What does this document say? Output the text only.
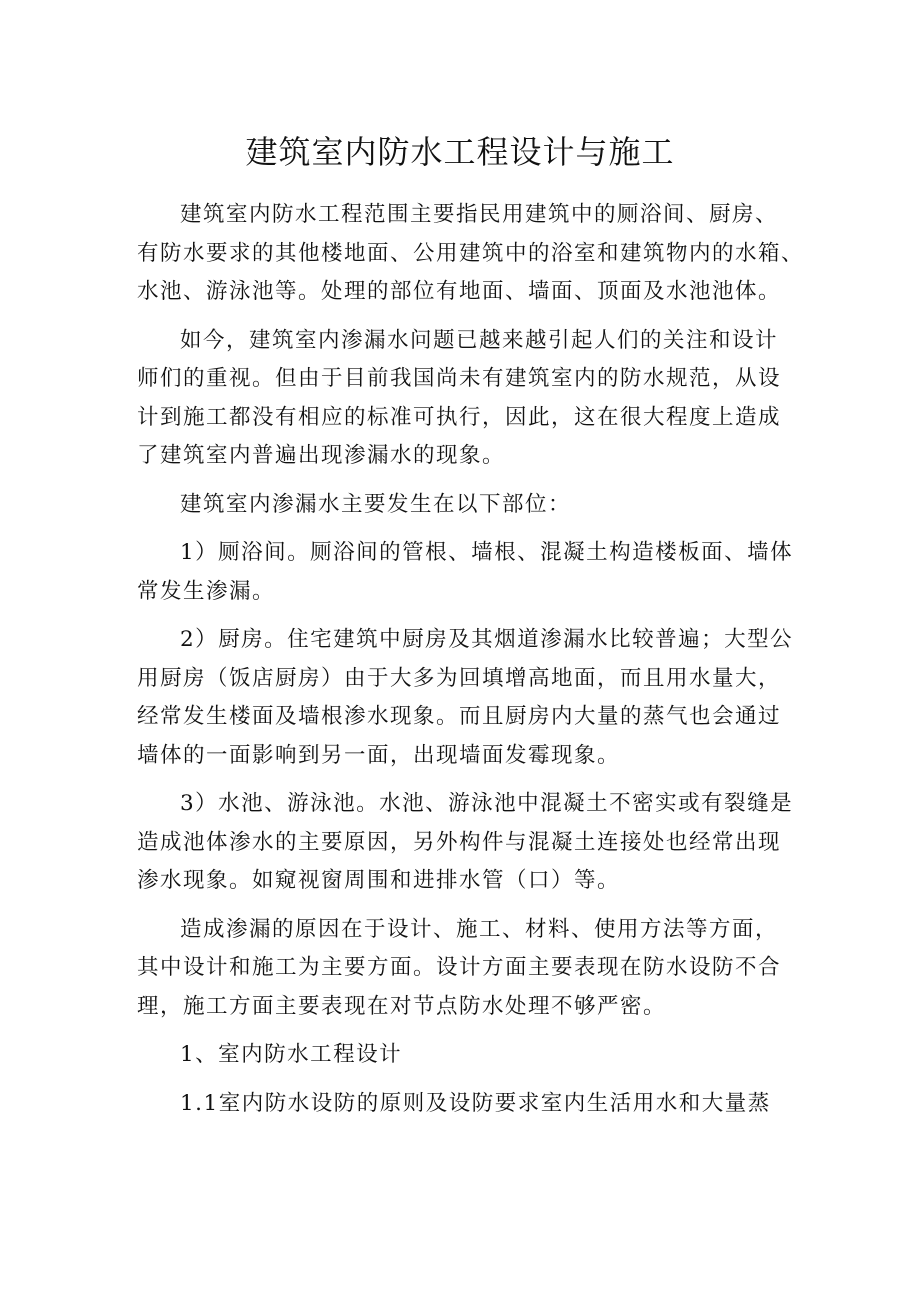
建筑室内防水工程设计与施工

建筑室内防水工程范围主要指民用建筑中的厕浴间、厨房、
有防水要求的其他楼地面、公用建筑中的浴室和建筑物内的水箱、
水池、游泳池等。处理的部位有地面、墙面、顶面及水池池体。

如今，建筑室内渗漏水问题已越来越引起人们的关注和设计
师们的重视。但由于目前我国尚未有建筑室内的防水规范，从设
计到施工都没有相应的标准可执行，因此，这在很大程度上造成
了建筑室内普遍出现渗漏水的现象。

建筑室内渗漏水主要发生在以下部位：

1）厕浴间。厕浴间的管根、墙根、混凝土构造楼板面、墙体
常发生渗漏。

2）厨房。住宅建筑中厨房及其烟道渗漏水比较普遍；大型公
用厨房（饭店厨房）由于大多为回填增高地面，而且用水量大，
经常发生楼面及墙根渗水现象。而且厨房内大量的蒸气也会通过
墙体的一面影响到另一面，出现墙面发霉现象。

3）水池、游泳池。水池、游泳池中混凝土不密实或有裂缝是
造成池体渗水的主要原因，另外构件与混凝土连接处也经常出现
渗水现象。如窥视窗周围和进排水管（口）等。

造成渗漏的原因在于设计、施工、材料、使用方法等方面，
其中设计和施工为主要方面。设计方面主要表现在防水设防不合
理，施工方面主要表现在对节点防水处理不够严密。

1、室内防水工程设计

1.1室内防水设防的原则及设防要求室内生活用水和大量蒸
